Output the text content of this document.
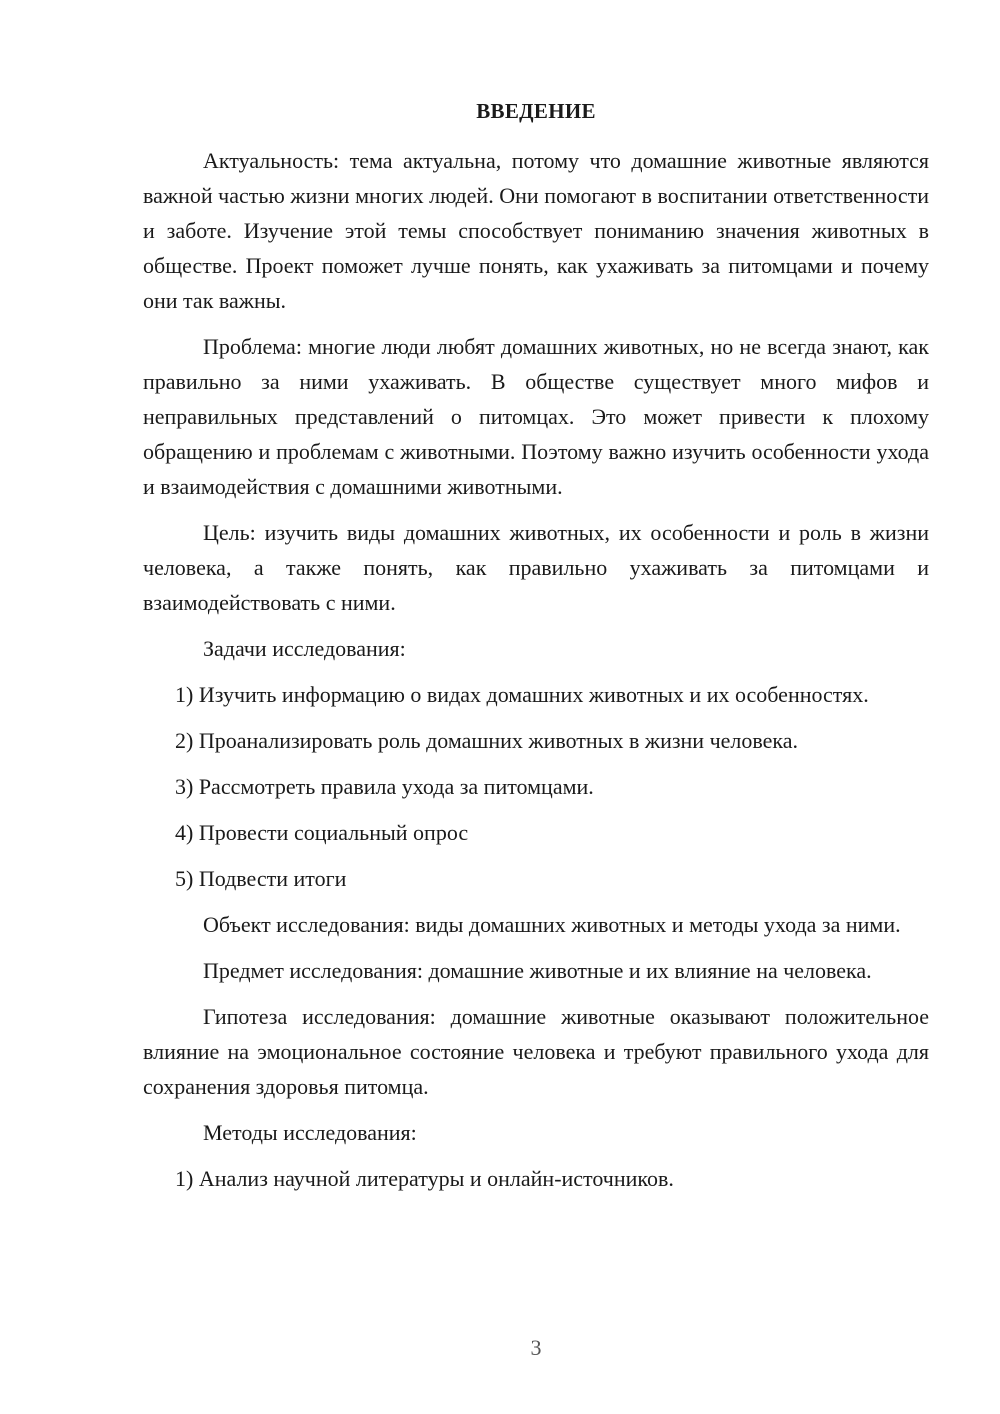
ВВЕДЕНИЕ

Актуальность: тема актуальна, потому что домашние животные являются важной частью жизни многих людей. Они помогают в воспитании ответственности и заботе. Изучение этой темы способствует пониманию значения животных в обществе. Проект поможет лучше понять, как ухаживать за питомцами и почему они так важны.

Проблема: многие люди любят домашних животных, но не всегда знают, как правильно за ними ухаживать. В обществе существует много мифов и неправильных представлений о питомцах. Это может привести к плохому обращению и проблемам с животными. Поэтому важно изучить особенности ухода и взаимодействия с домашними животными.

Цель: изучить виды домашних животных, их особенности и роль в жизни человека, а также понять, как правильно ухаживать за питомцами и взаимодействовать с ними.

Задачи исследования:

1) Изучить информацию о видах домашних животных и их особенностях.

2) Проанализировать роль домашних животных в жизни человека.

3) Рассмотреть правила ухода за питомцами.

4) Провести социальный опрос

5) Подвести итоги

Объект исследования: виды домашних животных и методы ухода за ними.

Предмет исследования: домашние животные и их влияние на человека.

Гипотеза исследования: домашние животные оказывают положительное влияние на эмоциональное состояние человека и требуют правильного ухода для сохранения здоровья питомца.

Методы исследования:

1) Анализ научной литературы и онлайн-источников.

3
